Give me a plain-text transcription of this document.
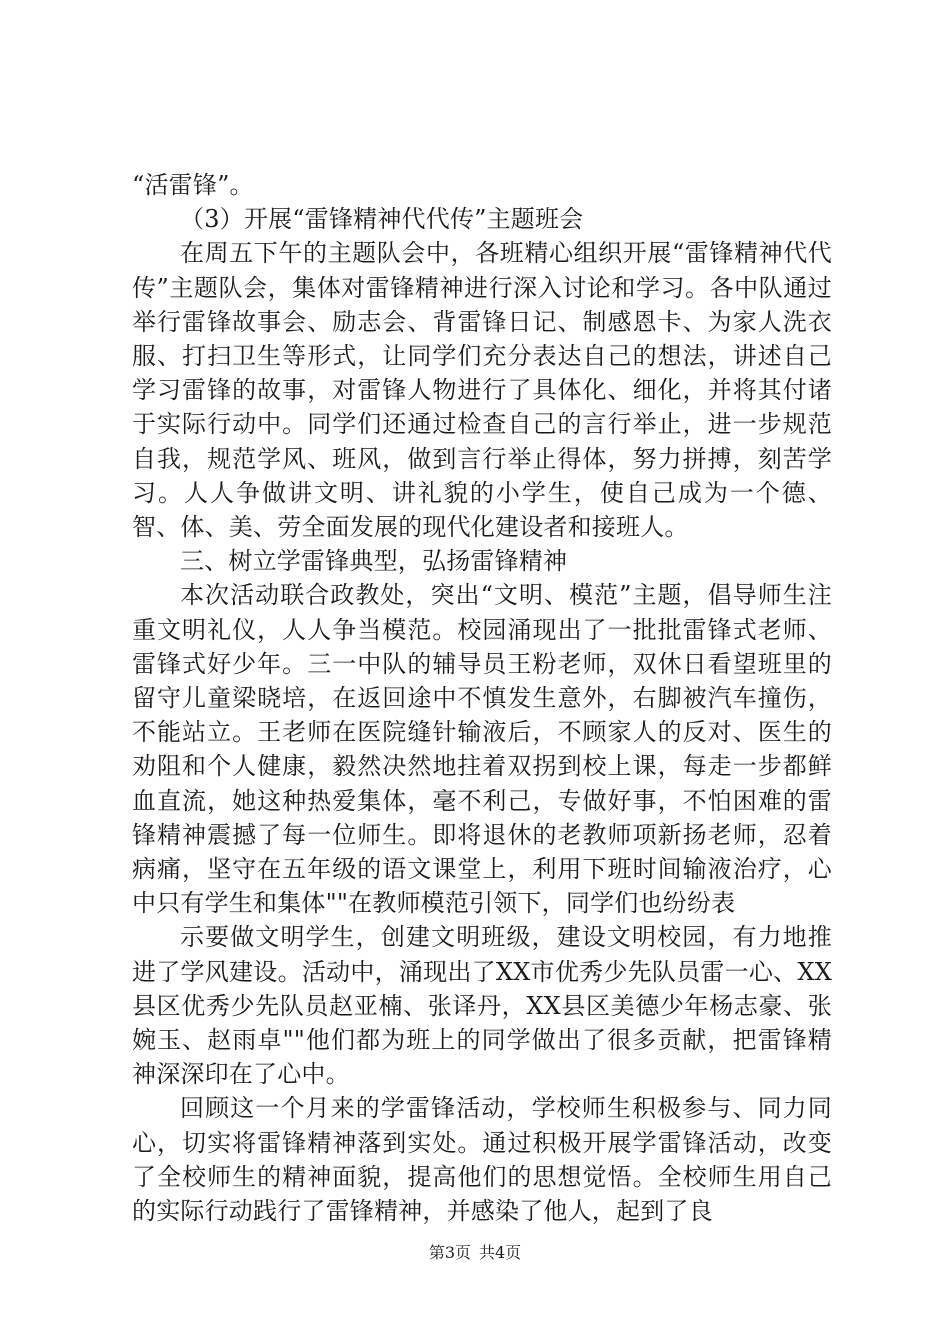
“活雷锋”。

（3）开展“雷锋精神代代传”主题班会

在周五下午的主题队会中，各班精心组织开展“雷锋精神代代传”主题队会，集体对雷锋精神进行深入讨论和学习。各中队通过举行雷锋故事会、励志会、背雷锋日记、制感恩卡、为家人洗衣服、打扫卫生等形式，让同学们充分表达自己的想法，讲述自己学习雷锋的故事，对雷锋人物进行了具体化、细化，并将其付诸于实际行动中。同学们还通过检查自己的言行举止，进一步规范自我，规范学风、班风，做到言行举止得体，努力拼搏，刻苦学习。人人争做讲文明、讲礼貌的小学生，使自己成为一个德、智、体、美、劳全面发展的现代化建设者和接班人。

三、树立学雷锋典型，弘扬雷锋精神

本次活动联合政教处，突出“文明、模范”主题，倡导师生注重文明礼仪，人人争当模范。校园涌现出了一批批雷锋式老师、雷锋式好少年。三一中队的辅导员王粉老师，双休日看望班里的留守儿童梁晓培，在返回途中不慎发生意外，右脚被汽车撞伤，不能站立。王老师在医院缝针输液后，不顾家人的反对、医生的劝阻和个人健康，毅然决然地拄着双拐到校上课，每走一步都鲜血直流，她这种热爱集体，毫不利己，专做好事，不怕困难的雷锋精神震撼了每一位师生。即将退休的老教师项新扬老师，忍着病痛，坚守在五年级的语文课堂上，利用下班时间输液治疗，心中只有学生和集体""在教师模范引领下，同学们也纷纷表

示要做文明学生，创建文明班级，建设文明校园，有力地推进了学风建设。活动中，涌现出了XX市优秀少先队员雷一心、XX县区优秀少先队员赵亚楠、张译丹，XX县区美德少年杨志豪、张婉玉、赵雨卓""他们都为班上的同学做出了很多贡献，把雷锋精神深深印在了心中。

回顾这一个月来的学雷锋活动，学校师生积极参与、同力同心，切实将雷锋精神落到实处。通过积极开展学雷锋活动，改变了全校师生的精神面貌，提高他们的思想觉悟。全校师生用自己的实际行动践行了雷锋精神，并感染了他人，起到了良

第3页 共4页
